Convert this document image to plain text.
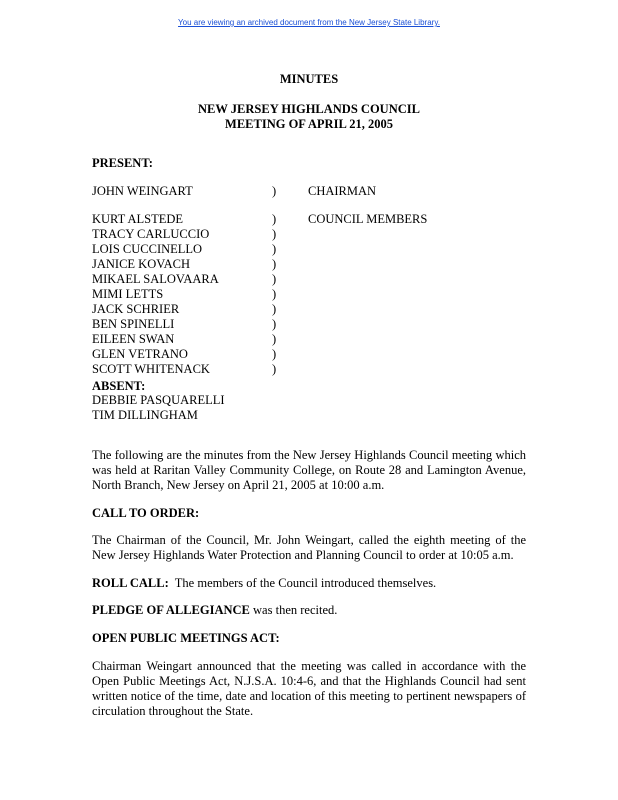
You are viewing an archived document from the New Jersey State Library.
MINUTES
NEW JERSEY HIGHLANDS COUNCIL
MEETING OF APRIL 21, 2005
PRESENT:
JOHN WEINGART	)	CHAIRMAN
KURT ALSTEDE	)	COUNCIL MEMBERS
TRACY CARLUCCIO	)
LOIS CUCCINELLO	)
JANICE KOVACH	)
MIKAEL SALOVAARA	)
MIMI LETTS	)
JACK SCHRIER	)
BEN SPINELLI	)
EILEEN SWAN	)
GLEN VETRANO	)
SCOTT WHITENACK	)
ABSENT:
DEBBIE PASQUARELLI
TIM DILLINGHAM
The following are the minutes from the New Jersey Highlands Council meeting which was held at Raritan Valley Community College, on Route 28 and Lamington Avenue, North Branch, New Jersey on April 21, 2005 at 10:00 a.m.
CALL TO ORDER:
The Chairman of the Council, Mr. John Weingart, called the eighth meeting of the New Jersey Highlands Water Protection and Planning Council to order at 10:05 a.m.
ROLL CALL:  The members of the Council introduced themselves.
PLEDGE OF ALLEGIANCE was then recited.
OPEN PUBLIC MEETINGS ACT:
Chairman Weingart announced that the meeting was called in accordance with the Open Public Meetings Act, N.J.S.A. 10:4-6, and that the Highlands Council had sent written notice of the time, date and location of this meeting to pertinent newspapers of circulation throughout the State.
